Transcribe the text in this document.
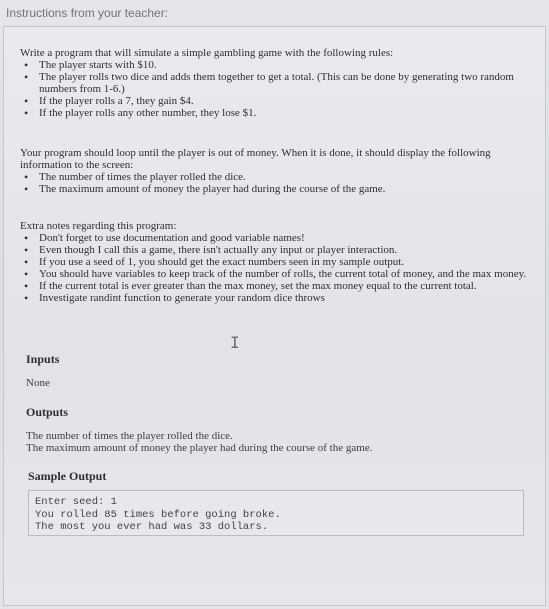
Instructions from your teacher:

Write a program that will simulate a simple gambling game with the following rules:

• The player starts with $10.
• The player rolls two dice and adds them together to get a total. (This can be done by generating two random numbers from 1-6.)
• If the player rolls a 7, they gain $4.
• If the player rolls any other number, they lose $1.

Your program should loop until the player is out of money. When it is done, it should display the following information to the screen:

• The number of times the player rolled the dice.
• The maximum amount of money the player had during the course of the game.

Extra notes regarding this program:

• Don't forget to use documentation and good variable names!
• Even though I call this a game, there isn't actually any input or player interaction.
• If you use a seed of 1, you should get the exact numbers seen in my sample output.
• You should have variables to keep track of the number of rolls, the current total of money, and the max money.
• If the current total is ever greater than the max money, set the max money equal to the current total.
• Investigate randint function to generate your random dice throws
I
Inputs
None
Outputs
The number of times the player rolled the dice.
The maximum amount of money the player had during the course of the game.
Sample Output
Enter seed: 1
You rolled 85 times before going broke.
The most you ever had was 33 dollars.
